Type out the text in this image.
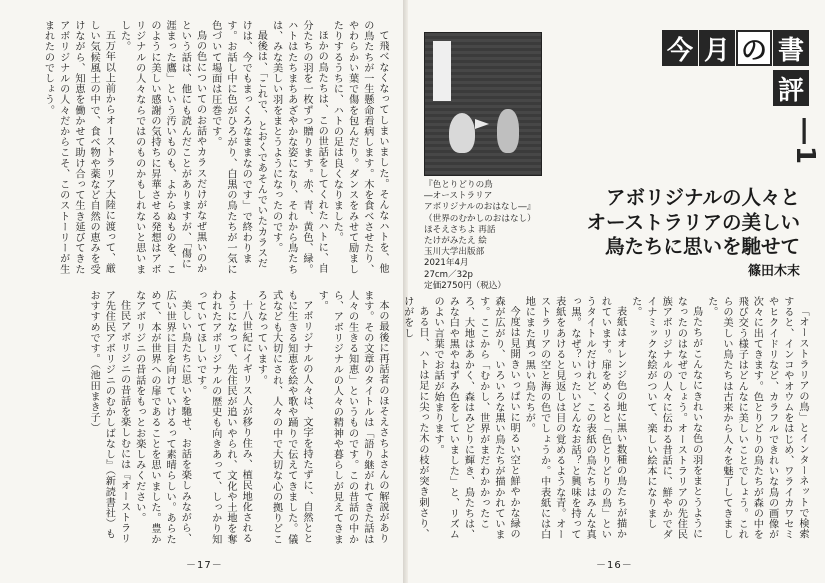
て飛べなくなってしまいました。そんなハトを、他の鳥たちが一生懸命看病します。木を食べさせたり、やわらかい葉で傷を包んだり。ダンスをみせて励ましたりするうちに、ハトの足は良くなりました。

ほかの鳥たちは、この世話をしてくれたハトに、自分たちの羽を一枚ずつ贈ります。赤、青、黄色、緑。ハトはたちまちあざやかな姿になり、それから鳥たちは、みな美しい羽をまとうようになったのです。

最後は、「これで、とおくであそんでいたカラスだけは、今でもまっくろなままなのです」で終わります。お話し中に色がひろがり、白黒の鳥たちが一気に色づいて場面は圧巻です。

鳥の色についてのお話やカラスだけがなぜ黒いのかという話は、他にも読んだことがありますが、「傷に涯まった鷹」という汚いものも、よからぬものを、このように美しい感謝の気持ちに昇華させる発想はアボリジナルの人々ならではのものかもしれないと思いました。

五万年以上前からオーストラリア大陸に渡って、厳しい気候風土の中で、食べ物や薬など自然の恵みを受けながら、知恵を働かせて助け合って生き延びてきたアボリジナルの人々だからこそ、このストーリーが生まれたのでしょう。

本の最後に再話者のほそえさちよさんの解説があります。その文章のタイトルは「語り継がれてきた話は人々の生きる知恵」というものです。この昔話の中から、アボリジナルの人々の精神や暮らしが見えてきます。

アボリジナルの人々は、文字を持たずに、自然とともに生きる知恵を絵や歌や踊りで伝えてきました。儀式なども大切にされ、人々の中で大切な心の拠りどころとなっています。

十八世紀にイギリス人が移り住み、植民地化されるようになって、先住民が追いやられ、文化や土地を奪われたアボリジナルの歴史も向きあって、しっかり知っていてほしいです。

美しい鳥たちに思いを馳せ、お話を楽しみながら、広い世界に目を向けていけるって素晴らしい。あらためて、本が世界への扉であることを思いました。豊かなアボリジニの昔話をもっとお楽しみください。

住民アボリジニの昔話を楽しむには『オーストラリア先住民アボリジニのむかしばなし』（新読書社）もおすすめです。（池田まき子）

－17－
今 月 の 書
評
―1
アボリジナルの人々と
オーストラリアの美しい
鳥たちに思いを馳せて
篠田木末
『色とりどりの鳥
―オーストラリア
アボリジナルのおはなし―』
（世界のむかしのおはなし）
ほそえさちよ 再話
たけがみたえ 絵
玉川大学出版部
2021年4月
27cm／32p
定価2750円（税込）

「オーストラリアの鳥」とインターネットで検索すると、インコやオウムをはじめ、ワライカワセミやヒクイドリなど、カラフルできれいな鳥の画像が次々に出てきます。色とりどりの鳥たちが森の中を飛び交う様子はどんなに美しいことでしょう。これらの美しい鳥たちは古来から人々を魅了してきました。

鳥たちがこんなにきれいな色の羽をまとうようになったのはなぜでしょう。オーストラリアの先住民族アボリジナルの人々に伝わる昔話に、鮮やかでダイナミックな絵がついて、楽しい絵本になりました。

表紙はオレンジ色の地に黒い数種の鳥たちが描かれています。扉をめくると「色とりどりの鳥」というタイトルだけれど、この表紙の鳥たちはみんな真っ黒。なぜ？いったいどんなお話？と興味を持って表紙をあけると見返しは目の覚めるような青。オーストラリアの空と海の色でしょうか。中表紙には白地にまた真っ黒い鳥たちが。

今度は見開きいっぱいに明るい空と鮮やかな緑の森が広がり、いろいろな黒い鳥たちが描かれています。ここから「むかし、世界がまだわかかったころ、大地はあかく、森はみどりに輝き、鳥たちは、みな白や黒やねずみ色をしていました」と、リズムのよい言葉でお話が始まります。

ある日、ハトは足に尖った木の枝が突き刺さり、けがをし

－16－
